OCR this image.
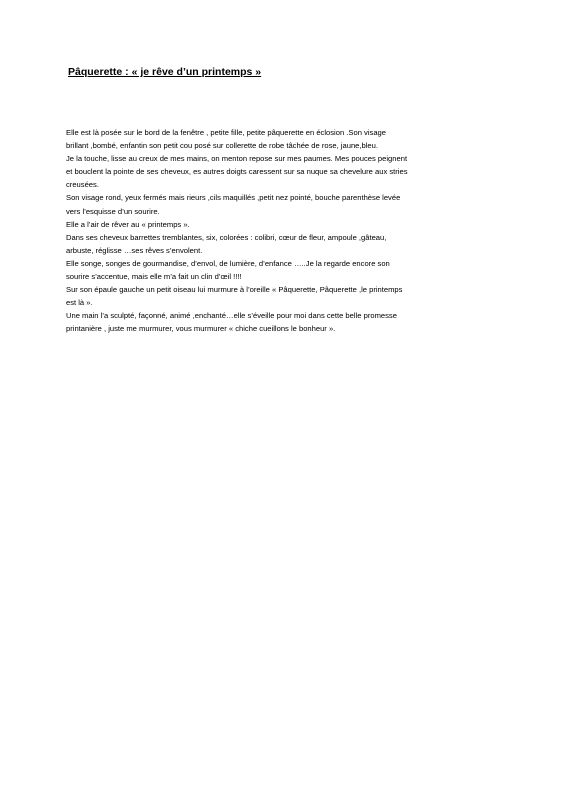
Pâquerette : « je rêve d’un printemps »
Elle est là posée sur le bord de la fenêtre , petite fille, petite pâquerette en éclosion .Son visage
brillant ,bombé, enfantin son petit cou posé sur collerette de robe tâchée de rose, jaune,bleu.
Je la touche, lisse au creux de mes mains, on menton repose sur mes paumes. Mes pouces peignent
et bouclent la pointe de ses cheveux, es autres doigts caressent sur sa nuque sa chevelure aux stries
creusées.
Son visage rond, yeux fermés mais rieurs ,cils maquillés ,petit nez pointé, bouche parenthèse levée
vers l’esquisse d’un sourire.
Elle a l’air de rêver au « printemps ».
Dans ses cheveux barrettes tremblantes, six, colorées : colibri, cœur de fleur, ampoule ,gâteau,
arbuste, réglisse …ses rêves s’envolent.
Elle songe, songes de gourmandise, d’envol, de lumière, d’enfance …..Je la regarde encore son
sourire s’accentue, mais elle m’a fait un clin d’œil !!!!
Sur son épaule gauche un petit oiseau lui murmure à l’oreille « Pâquerette, Pâquerette ,le printemps
est là ».
Une main l’a sculpté, façonné, animé ,enchanté…elle s’éveille pour moi dans cette belle promesse
printanière , juste me murmurer, vous murmurer « chiche cueillons le bonheur ».
